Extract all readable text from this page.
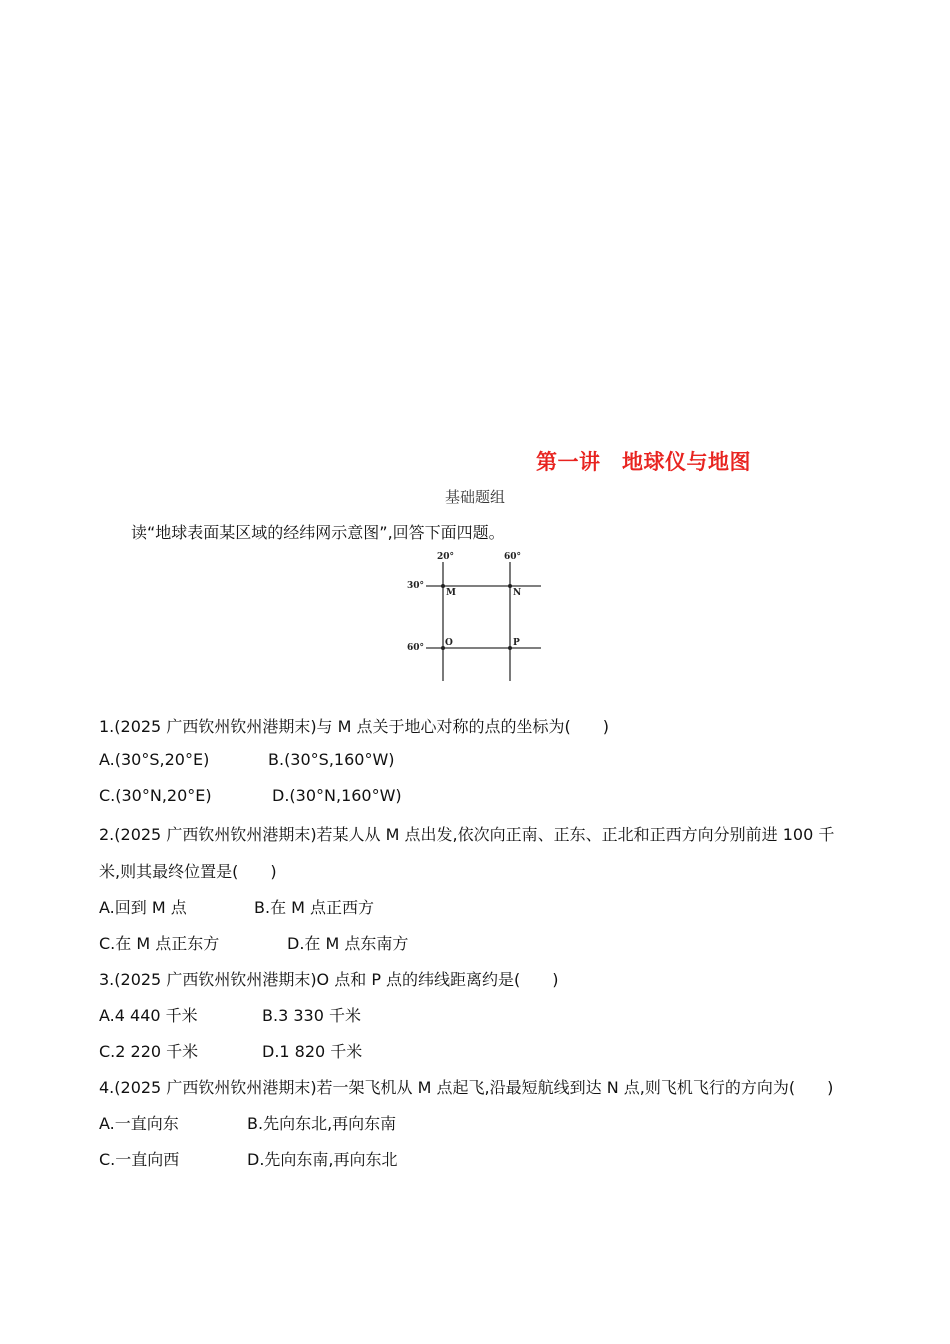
第一讲　地球仪与地图
基础题组
读“地球表面某区域的经纬网示意图”,回答下面四题。
20°	60°
30°
60°
M	N
O	P
1.(2025 广西钦州钦州港期末)与 M 点关于地心对称的点的坐标为(　　)
A.(30°S,20°E)	B.(30°S,160°W)
C.(30°N,20°E)	D.(30°N,160°W)
2.(2025 广西钦州钦州港期末)若某人从 M 点出发,依次向正南、正东、正北和正西方向分别前进 100 千
米,则其最终位置是(　　)
A.回到 M 点	B.在 M 点正西方
C.在 M 点正东方	D.在 M 点东南方
3.(2025 广西钦州钦州港期末)O 点和 P 点的纬线距离约是(　　)
A.4 440 千米	B.3 330 千米
C.2 220 千米	D.1 820 千米
4.(2025 广西钦州钦州港期末)若一架飞机从 M 点起飞,沿最短航线到达 N 点,则飞机飞行的方向为(　　)
A.一直向东	B.先向东北,再向东南
C.一直向西	D.先向东南,再向东北
